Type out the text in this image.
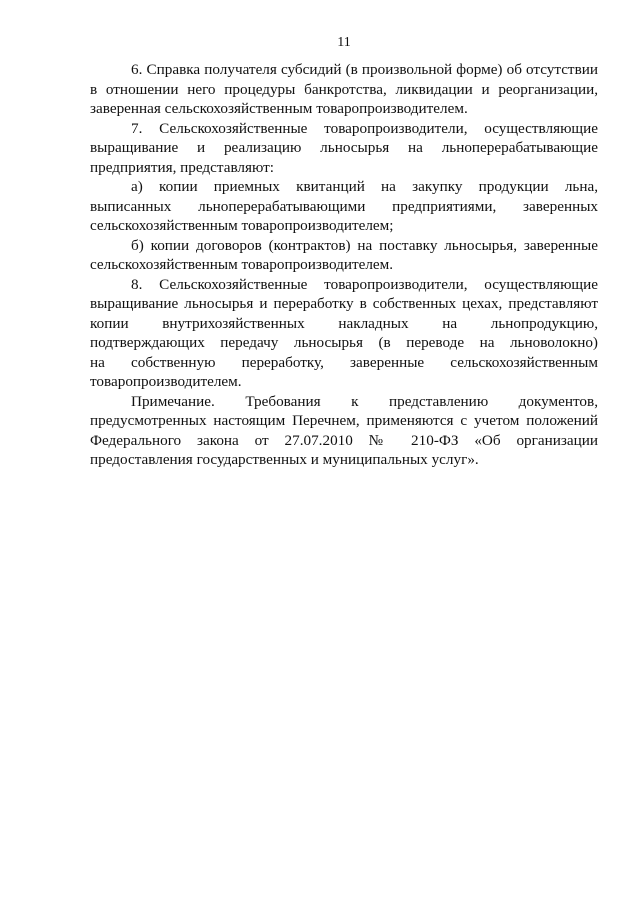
11

6. Справка получателя субсидий (в произвольной форме) об отсутствии
в отношении него процедуры банкротства, ликвидации и реорганизации,
заверенная сельскохозяйственным товаропроизводителем.

7. Сельскохозяйственные товаропроизводители, осуществляющие
выращивание и реализацию льносырья на льноперерабатывающие
предприятия, представляют:

а) копии приемных квитанций на закупку продукции льна,
выписанных льноперерабатывающими предприятиями, заверенных
сельскохозяйственным товаропроизводителем;

б) копии договоров (контрактов) на поставку льносырья, заверенные
сельскохозяйственным товаропроизводителем.

8. Сельскохозяйственные товаропроизводители, осуществляющие
выращивание льносырья и переработку в собственных цехах, представляют
копии внутрихозяйственных накладных на льнопродукцию,
подтверждающих передачу льносырья (в переводе на льноволокно)
на собственную переработку, заверенные сельскохозяйственным
товаропроизводителем.

Примечание. Требования к представлению документов,
предусмотренных настоящим Перечнем, применяются с учетом положений
Федерального закона от 27.07.2010 № 210-ФЗ «Об организации
предоставления государственных и муниципальных услуг».
